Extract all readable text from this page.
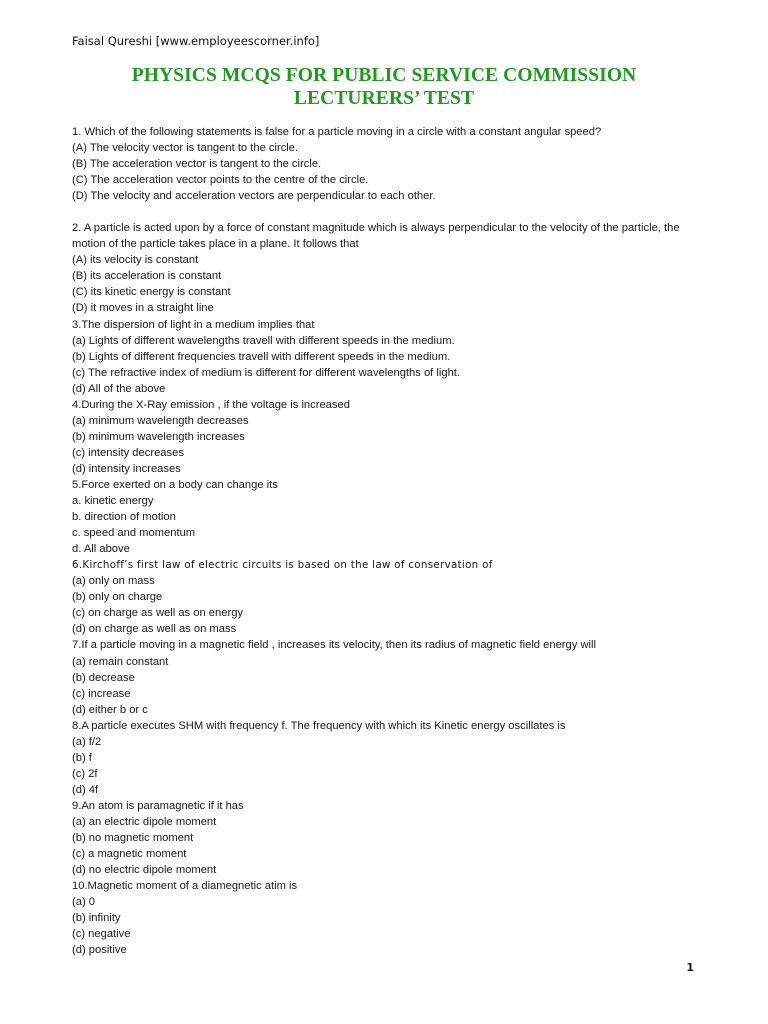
Faisal Qureshi [www.employeescorner.info]
PHYSICS MCQS FOR PUBLIC SERVICE COMMISSION
LECTURERS’ TEST
1. Which of the following statements is false for a particle moving in a circle with a constant angular speed?
(A) The velocity vector is tangent to the circle.
(B) The acceleration vector is tangent to the circle.
(C) The acceleration vector points to the centre of the circle.
(D) The velocity and acceleration vectors are perpendicular to each other.
2. A particle is acted upon by a force of constant magnitude which is always perpendicular to the velocity of the particle, the motion of the particle takes place in a plane. It follows that
(A) its velocity is constant
(B) its acceleration is constant
(C) its kinetic energy is constant
(D) it moves in a straight line
3.The dispersion of light in a medium implies that
(a) Lights of different wavelengths travell with different speeds in the medium.
(b) Lights of different frequencies travell with different speeds in the medium.
(c) The refractive index of medium is different for different wavelengths of light.
(d) All of the above
4.During the X-Ray emission , if the voltage is increased
(a) minimum wavelength decreases
(b) minimum wavelength increases
(c) intensity decreases
(d) intensity increases
5.Force exerted on a body can change its
a. kinetic energy
b. direction of motion
c. speed and momentum
d. All above
6.Kirchoff’s first law of electric circuits is based on the law of conservation of
(a) only on mass
(b) only on charge
(c) on charge as well as on energy
(d) on charge as well as on mass
7.If a particle moving in a magnetic field , increases its velocity, then its radius of magnetic field energy will
(a) remain constant
(b) decrease
(c) increase
(d) either b or c
8.A particle executes SHM with frequency f. The frequency with which its Kinetic energy oscillates is
(a) f/2
(b) f
(c) 2f
(d) 4f
9.An atom is paramagnetic if it has
(a) an electric dipole moment
(b) no magnetic moment
(c) a magnetic moment
(d) no electric dipole moment
10.Magnetic moment of a diamegnetic atim is
(a) 0
(b) infinity
(c) negative
(d) positive
1
